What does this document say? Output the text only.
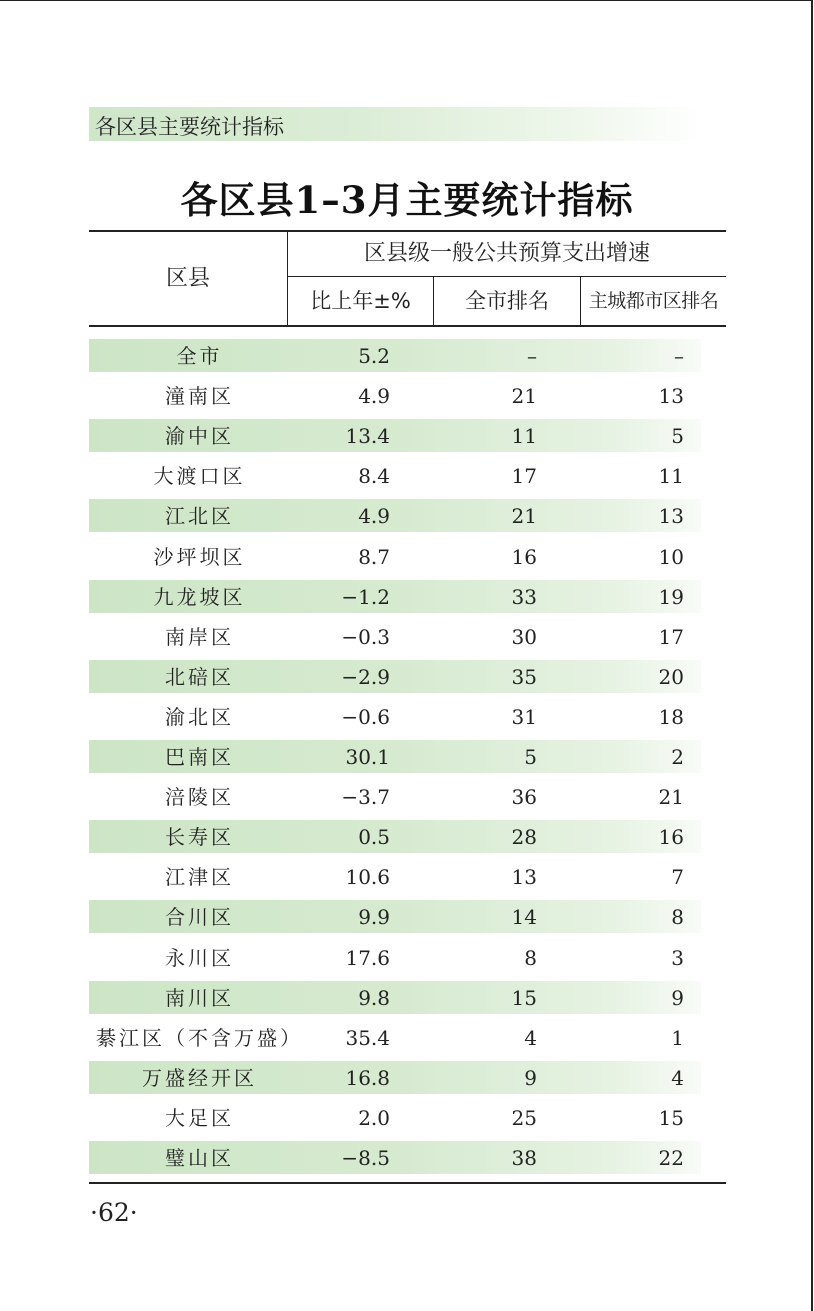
各区县主要统计指标
各区县1–3月主要统计指标
区县
区县级一般公共预算支出增速
比上年±%	全市排名	主城都市区排名
全市	5.2	–	–
潼南区	4.9	21	13
渝中区	13.4	11	5
大渡口区	8.4	17	11
江北区	4.9	21	13
沙坪坝区	8.7	16	10
九龙坡区	−1.2	33	19
南岸区	−0.3	30	17
北碚区	−2.9	35	20
渝北区	−0.6	31	18
巴南区	30.1	5	2
涪陵区	−3.7	36	21
长寿区	0.5	28	16
江津区	10.6	13	7
合川区	9.9	14	8
永川区	17.6	8	3
南川区	9.8	15	9
綦江区（不含万盛）	35.4	4	1
万盛经开区	16.8	9	4
大足区	2.0	25	15
璧山区	−8.5	38	22
·62·
